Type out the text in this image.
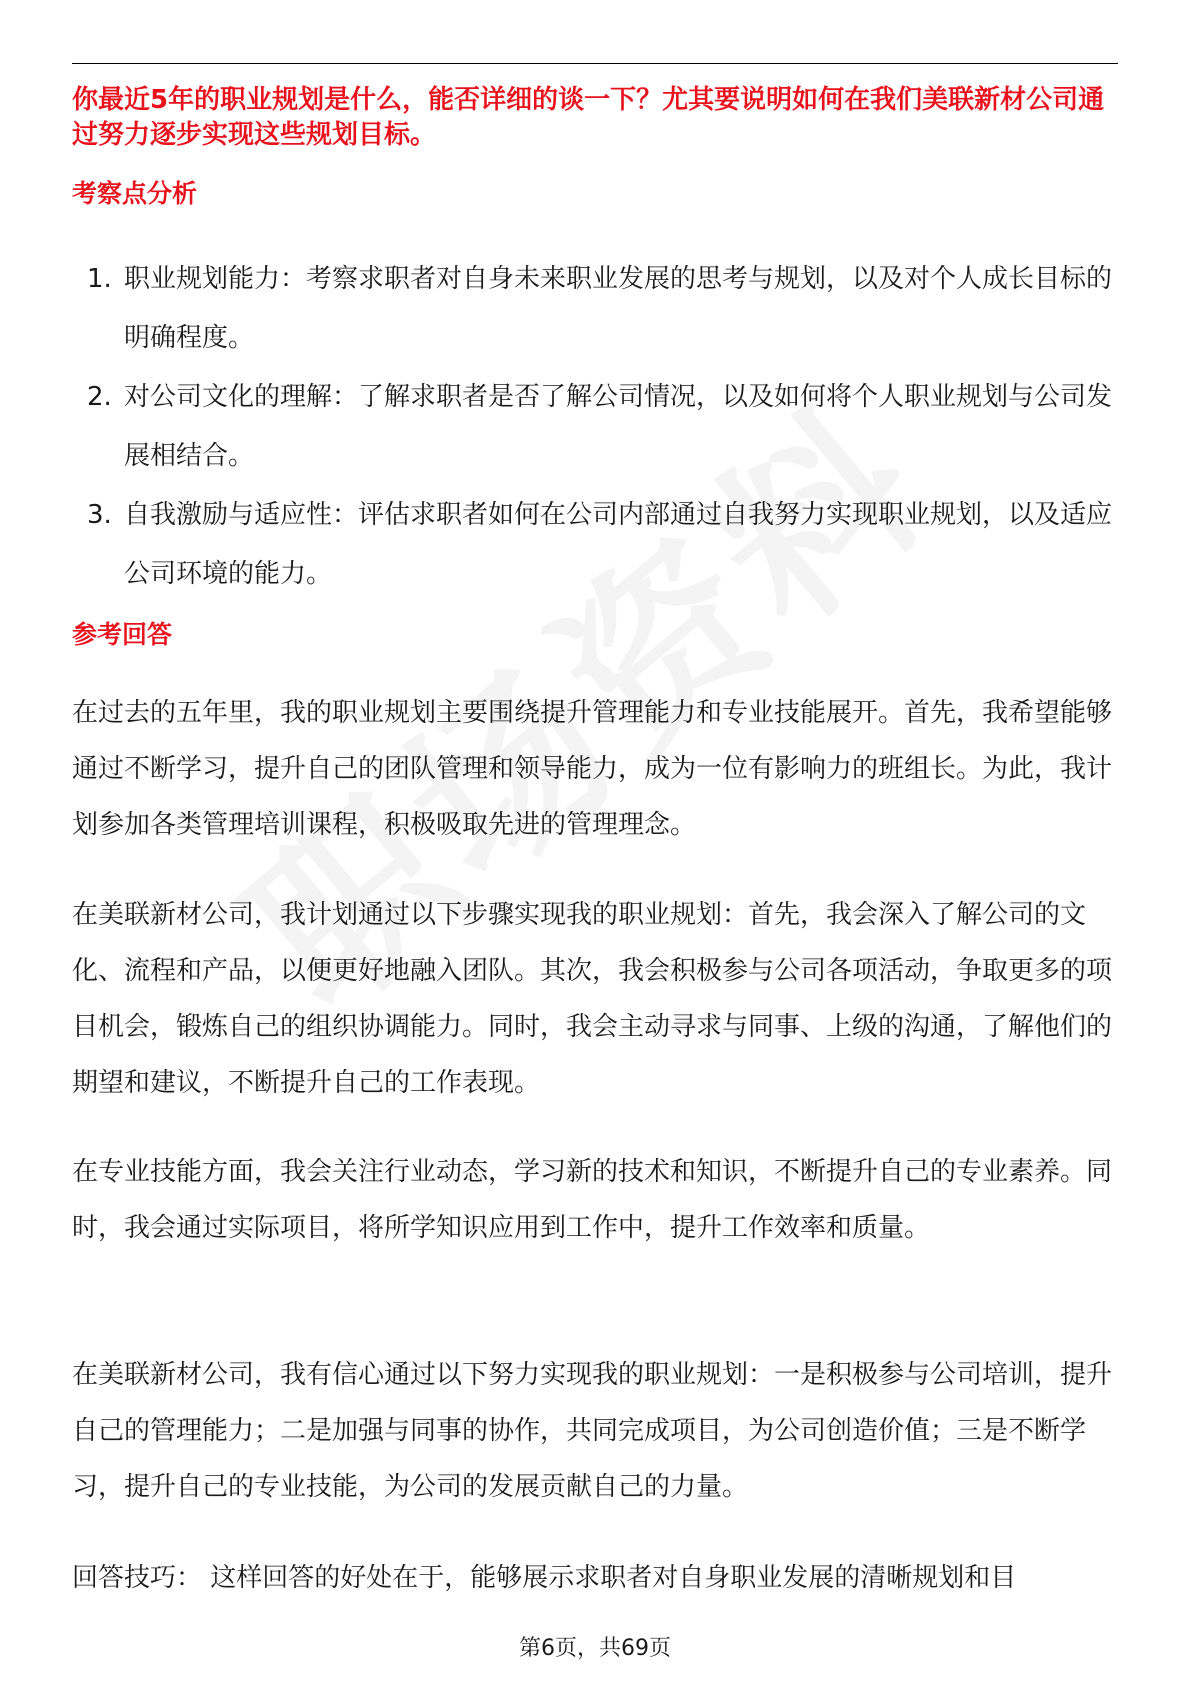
你最近5年的职业规划是什么，能否详细的谈一下？尤其要说明如何在我们美联新材公司通过努力逐步实现这些规划目标。
考察点分析
1. 职业规划能力：考察求职者对自身未来职业发展的思考与规划，以及对个人成长目标的明确程度。
2. 对公司文化的理解：了解求职者是否了解公司情况，以及如何将个人职业规划与公司发展相结合。
3. 自我激励与适应性：评估求职者如何在公司内部通过自我努力实现职业规划，以及适应公司环境的能力。
参考回答

在过去的五年里，我的职业规划主要围绕提升管理能力和专业技能展开。首先，我希望能够通过不断学习，提升自己的团队管理和领导能力，成为一位有影响力的班组长。为此，我计划参加各类管理培训课程，积极吸取先进的管理理念。

在美联新材公司，我计划通过以下步骤实现我的职业规划：首先，我会深入了解公司的文化、流程和产品，以便更好地融入团队。其次，我会积极参与公司各项活动，争取更多的项目机会，锻炼自己的组织协调能力。同时，我会主动寻求与同事、上级的沟通，了解他们的期望和建议，不断提升自己的工作表现。

在专业技能方面，我会关注行业动态，学习新的技术和知识，不断提升自己的专业素养。同时，我会通过实际项目，将所学知识应用到工作中，提升工作效率和质量。

在美联新材公司，我有信心通过以下努力实现我的职业规划：一是积极参与公司培训，提升自己的管理能力；二是加强与同事的协作，共同完成项目，为公司创造价值；三是不断学习，提升自己的专业技能，为公司的发展贡献自己的力量。

回答技巧： 这样回答的好处在于，能够展示求职者对自身职业发展的清晰规划和目

第6页，共69页
